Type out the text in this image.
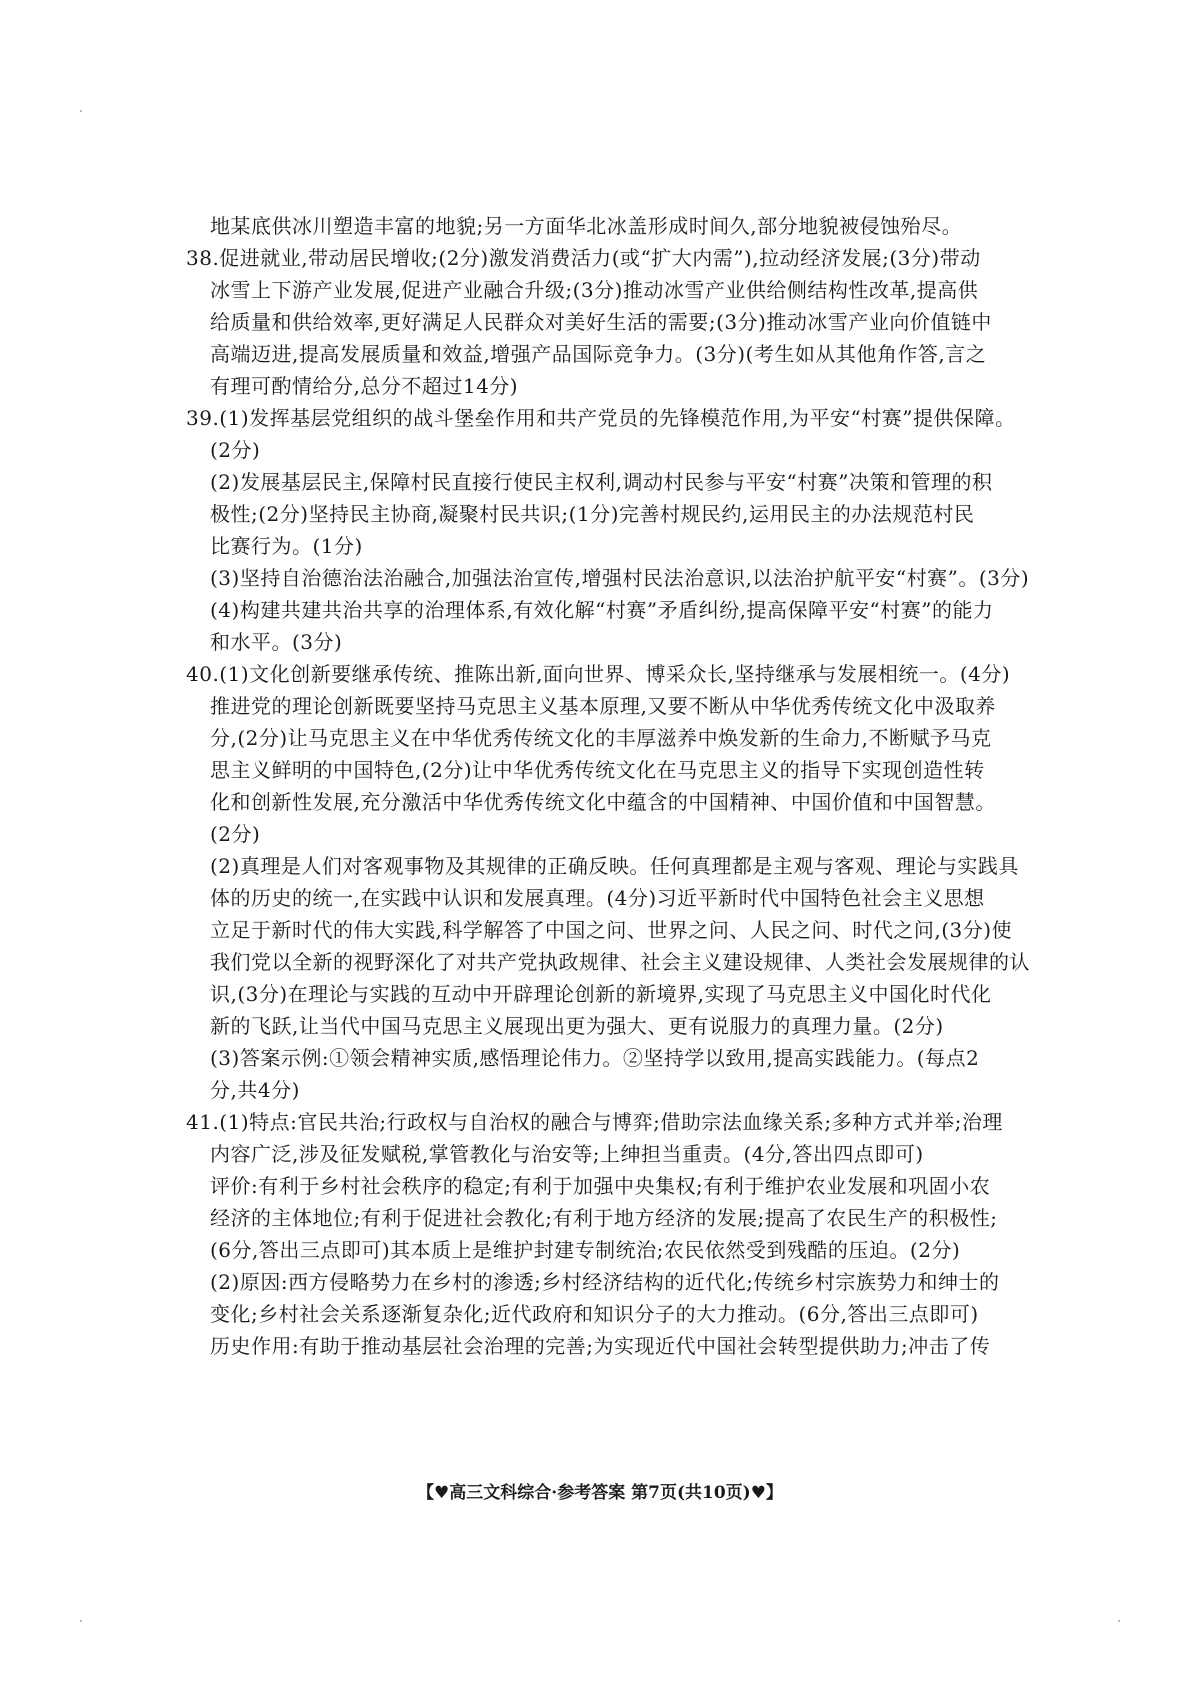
地某底供冰川塑造丰富的地貌;另一方面华北冰盖形成时间久,部分地貌被侵蚀殆尽。
38.促进就业,带动居民增收;(2分)激发消费活力(或“扩大内需”),拉动经济发展;(3分)带动
冰雪上下游产业发展,促进产业融合升级;(3分)推动冰雪产业供给侧结构性改革,提高供
给质量和供给效率,更好满足人民群众对美好生活的需要;(3分)推动冰雪产业向价值链中
高端迈进,提高发展质量和效益,增强产品国际竞争力。(3分)(考生如从其他角作答,言之
有理可酌情给分,总分不超过14分)
39.(1)发挥基层党组织的战斗堡垒作用和共产党员的先锋模范作用,为平安“村赛”提供保障。
(2分)
(2)发展基层民主,保障村民直接行使民主权利,调动村民参与平安“村赛”决策和管理的积
极性;(2分)坚持民主协商,凝聚村民共识;(1分)完善村规民约,运用民主的办法规范村民
比赛行为。(1分)
(3)坚持自治德治法治融合,加强法治宣传,增强村民法治意识,以法治护航平安“村赛”。(3分)
(4)构建共建共治共享的治理体系,有效化解“村赛”矛盾纠纷,提高保障平安“村赛”的能力
和水平。(3分)
40.(1)文化创新要继承传统、推陈出新,面向世界、博采众长,坚持继承与发展相统一。(4分)
推进党的理论创新既要坚持马克思主义基本原理,又要不断从中华优秀传统文化中汲取养
分,(2分)让马克思主义在中华优秀传统文化的丰厚滋养中焕发新的生命力,不断赋予马克
思主义鲜明的中国特色,(2分)让中华优秀传统文化在马克思主义的指导下实现创造性转
化和创新性发展,充分激活中华优秀传统文化中蕴含的中国精神、中国价值和中国智慧。
(2分)
(2)真理是人们对客观事物及其规律的正确反映。任何真理都是主观与客观、理论与实践具
体的历史的统一,在实践中认识和发展真理。(4分)习近平新时代中国特色社会主义思想
立足于新时代的伟大实践,科学解答了中国之问、世界之问、人民之问、时代之问,(3分)使
我们党以全新的视野深化了对共产党执政规律、社会主义建设规律、人类社会发展规律的认
识,(3分)在理论与实践的互动中开辟理论创新的新境界,实现了马克思主义中国化时代化
新的飞跃,让当代中国马克思主义展现出更为强大、更有说服力的真理力量。(2分)
(3)答案示例:①领会精神实质,感悟理论伟力。②坚持学以致用,提高实践能力。(每点2
分,共4分)
41.(1)特点:官民共治;行政权与自治权的融合与博弈;借助宗法血缘关系;多种方式并举;治理
内容广泛,涉及征发赋税,掌管教化与治安等;上绅担当重责。(4分,答出四点即可)
评价:有利于乡村社会秩序的稳定;有利于加强中央集权;有利于维护农业发展和巩固小农
经济的主体地位;有利于促进社会教化;有利于地方经济的发展;提高了农民生产的积极性;
(6分,答出三点即可)其本质上是维护封建专制统治;农民依然受到残酷的压迫。(2分)
(2)原因:西方侵略势力在乡村的渗透;乡村经济结构的近代化;传统乡村宗族势力和绅士的
变化;乡村社会关系逐渐复杂化;近代政府和知识分子的大力推动。(6分,答出三点即可)
历史作用:有助于推动基层社会治理的完善;为实现近代中国社会转型提供助力;冲击了传
【♥高三文科综合·参考答案 第7页(共10页)♥】
